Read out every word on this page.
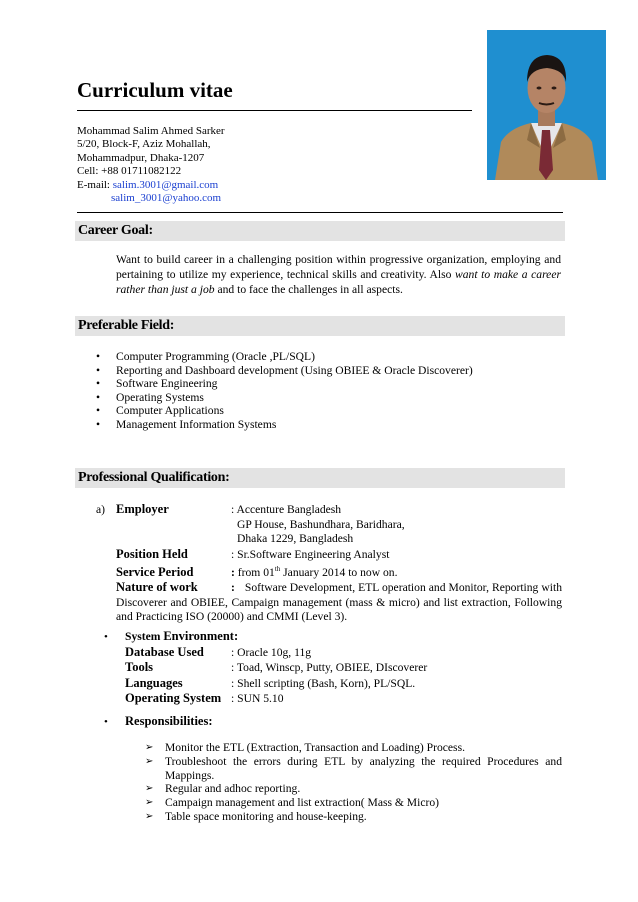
Curriculum vitae
Mohammad Salim Ahmed Sarker
5/20, Block-F, Aziz Mohallah,
Mohammadpur, Dhaka-1207
Cell: +88 01711082122
E-mail: salim.3001@gmail.com
salim_3001@yahoo.com
Career Goal:
Want to build career in a challenging position within progressive organization, employing and pertaining to utilize my experience, technical skills and creativity. Also want to make a career rather than just a job and to face the challenges in all aspects.
Preferable Field:
• Computer Programming (Oracle ,PL/SQL)
• Reporting and Dashboard development (Using OBIEE & Oracle Discoverer)
• Software Engineering
• Operating Systems
• Computer Applications
• Management Information Systems
Professional Qualification:
a) Employer	: Accenture Bangladesh
GP House, Bashundhara, Baridhara,
Dhaka 1229, Bangladesh
Position Held	: Sr.Software Engineering Analyst
Service Period	: from 01th January 2014 to now on.
Nature of work	: Software Development, ETL operation and Monitor, Reporting with Discoverer and OBIEE, Campaign management (mass & micro) and list extraction, Following and Practicing ISO (20000) and CMMI (Level 3).
• System Environment:
Database Used : Oracle 10g, 11g
Tools	: Toad, Winscp, Putty, OBIEE, DIscoverer
Languages	: Shell scripting (Bash, Korn), PL/SQL.
Operating System : SUN 5.10
• Responsibilities:
➢ Monitor the ETL (Extraction, Transaction and Loading) Process.
➢ Troubleshoot the errors during ETL by analyzing the required Procedures and Mappings.
➢ Regular and adhoc reporting.
➢ Campaign management and list extraction( Mass & Micro)
➢ Table space monitoring and house-keeping.
